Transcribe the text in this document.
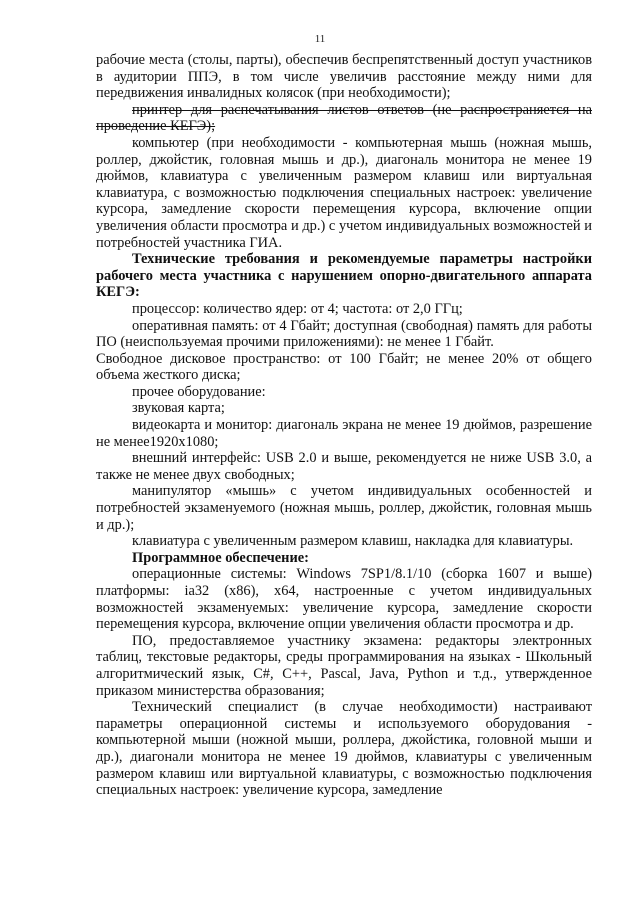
11

рабочие места (столы, парты), обеспечив беспрепятственный доступ участников в аудитории ППЭ, в том числе увеличив расстояние между ними для передвижения инвалидных колясок (при необходимости);

принтер для распечатывания листов ответов (не распространяется на проведение КЕГЭ);

компьютер (при необходимости - компьютерная мышь (ножная мышь, роллер, джойстик, головная мышь и др.), диагональ монитора не менее 19 дюймов, клавиатура с увеличенным размером клавиш или виртуальная клавиатура, с возможностью подключения специальных настроек: увеличение курсора, замедление скорости перемещения курсора, включение опции увеличения области просмотра и др.) с учетом индивидуальных возможностей и потребностей участника ГИА.

Технические требования и рекомендуемые параметры настройки рабочего места участника с нарушением опорно-двигательного аппарата КЕГЭ:

процессор: количество ядер: от 4; частота: от 2,0 ГГц;

оперативная память: от 4 Гбайт; доступная (свободная) память для работы ПО (неиспользуемая прочими приложениями): не менее 1 Гбайт.

Свободное дисковое пространство: от 100 Гбайт; не менее 20% от общего объема жесткого диска;

прочее оборудование:

звуковая карта;

видеокарта и монитор: диагональ экрана не менее 19 дюймов, разрешение не менее1920х1080;

внешний интерфейс: USB 2.0 и выше, рекомендуется не ниже USB 3.0, а также не менее двух свободных;

манипулятор «мышь» с учетом индивидуальных особенностей и потребностей экзаменуемого (ножная мышь, роллер, джойстик, головная мышь и др.);

клавиатура с увеличенным размером клавиш, накладка для клавиатуры.

Программное обеспечение:

операционные системы: Windows 7SP1/8.1/10 (сборка 1607 и выше) платформы: ia32 (x86), x64, настроенные с учетом индивидуальных возможностей экзаменуемых: увеличение курсора, замедление скорости перемещения курсора, включение опции увеличения области просмотра и др.

ПО, предоставляемое участнику экзамена: редакторы электронных таблиц, текстовые редакторы, среды программирования на языках - Школьный алгоритмический язык, C#, C++, Pascal, Java, Python и т.д., утвержденное приказом министерства образования;

Технический специалист (в случае необходимости) настраивают параметры операционной системы и используемого оборудования - компьютерной мыши (ножной мыши, роллера, джойстика, головной мыши и др.), диагонали монитора не менее 19 дюймов, клавиатуры с увеличенным размером клавиш или виртуальной клавиатуры, с возможностью подключения специальных настроек: увеличение курсора, замедление
